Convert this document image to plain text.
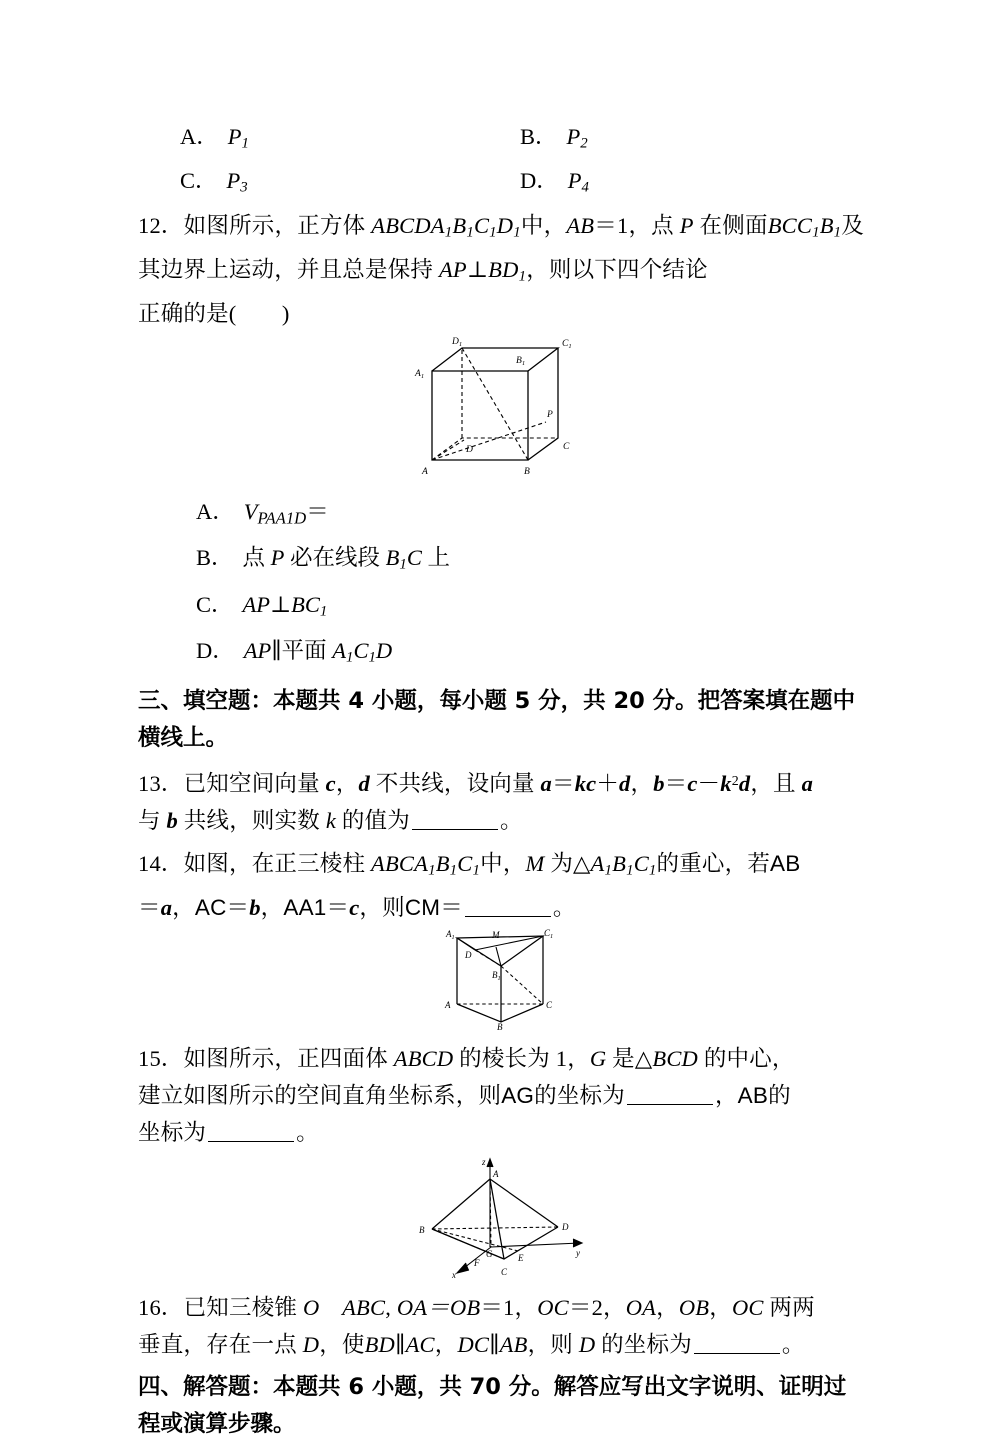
A． $P_1$	B． $P_2$
C． $P_3$	D． $P_4$
12．如图所示，正方体 $ABCDA_1B_1C_1D_1$中，AB＝1，点 P 在侧面$BCC_1B_1$及其边界上运动，并且总是保持 $AP\perp BD_1$，则以下四个结论
正确的是(　　)
A	B
C
D
$A_1$
$B_1$
$C_1$
$D_1$
P
A． $V_{PAA1D}=$
B． 点 P 必在线段 $B_1C$ 上
C． $AP\perp BC_1$
D． AP∥平面 $A_1C_1D$
三、填空题：本题共 4 小题，每小题 5 分，共 20 分。把答案填在题中
横线上。
13．已知空间向量 c，d 不共线，设向量 a＝kc＋d，$b=c-k^2d$，且 a
与 b 共线，则实数 k 的值为	。
14．如图，在正三棱柱 $ABCA_1B_1C_1$中，M 为$\triangle A_1B_1C_1$的重心，若AB
＝a，AC＝b，AA1＝c，则CM＝	。
$A_1$	$C_1$
M
D
$B_1$
A	C
B
15．如图所示，正四面体 ABCD 的棱长为 1，G 是△BCD 的中心，
建立如图所示的空间直角坐标系，则AG的坐标为	，AB的
坐标为	。
A
B
C
D
G	E
F
z
y
x
16．已知三棱锥 O　 ABC, OA＝OB＝1，OC＝2，OA，OB，OC 两两
垂直，存在一点 D，使BD∥AC，DC∥AB，则 D 的坐标为	。
四、解答题：本题共 6 小题，共 70 分。解答应写出文字说明、证明过
程或演算步骤。
